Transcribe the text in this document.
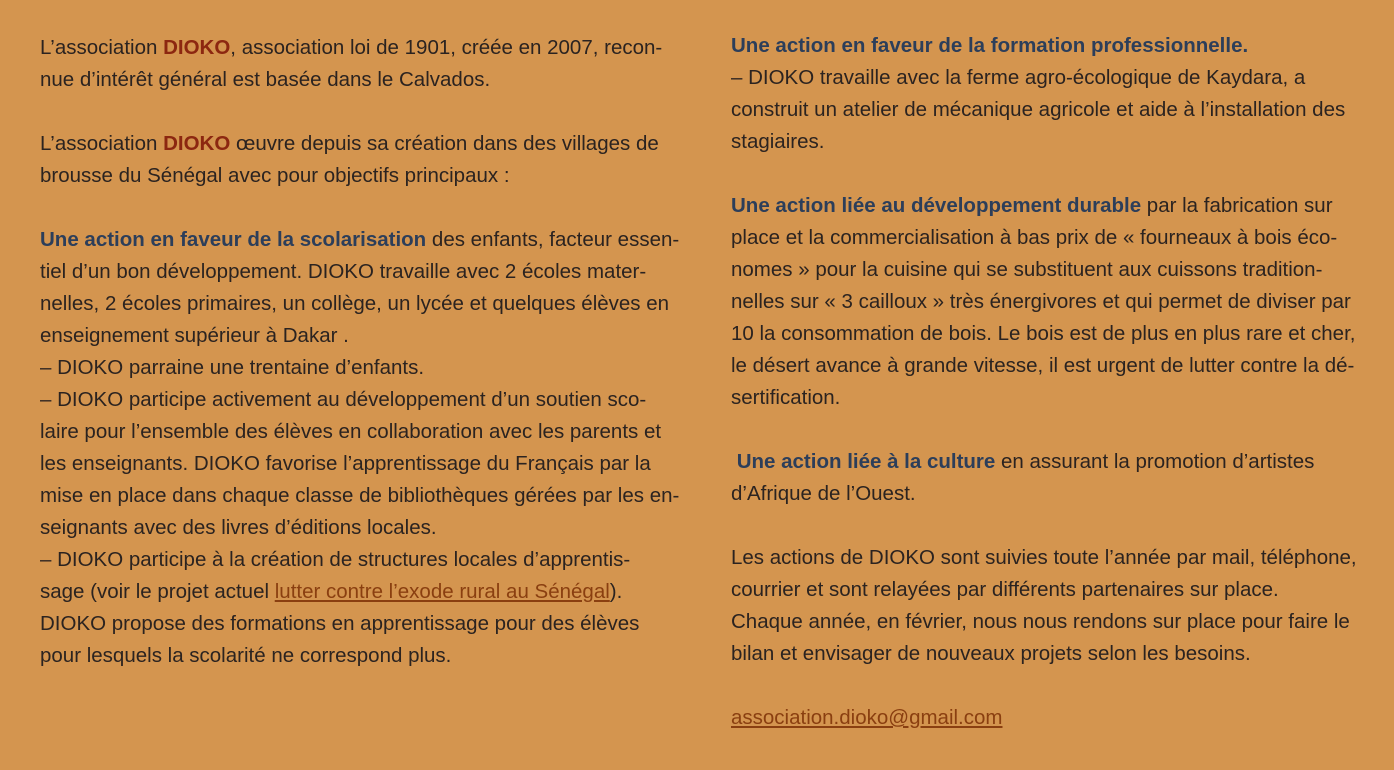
L’association DIOKO, association loi de 1901, créée en 2007, recon-
nue d’intérêt général est basée dans le Calvados.

L’association DIOKO œuvre depuis sa création dans des villages de
brousse du Sénégal avec pour objectifs principaux :

Une action en faveur de la scolarisation des enfants, facteur essen-
tiel d’un bon développement. DIOKO travaille avec 2 écoles mater-
nelles, 2 écoles primaires, un collège, un lycée et quelques élèves en
enseignement supérieur à Dakar .
– DIOKO parraine une trentaine d’enfants.
– DIOKO participe activement au développement d’un soutien sco-
laire pour l’ensemble des élèves en collaboration avec les parents et
les enseignants. DIOKO favorise l’apprentissage du Français par la
mise en place dans chaque classe de bibliothèques gérées par les en-
seignants avec des livres d’éditions locales.
– DIOKO participe à la création de structures locales d’apprentis-
sage (voir le projet actuel lutter contre l’exode rural au Sénégal).
DIOKO propose des formations en apprentissage pour des élèves
pour lesquels la scolarité ne correspond plus.

Une action en faveur de la formation professionnelle.
– DIOKO travaille avec la ferme agro-écologique de Kaydara, a
construit un atelier de mécanique agricole et aide à l’installation des
stagiaires.

Une action liée au développement durable par la fabrication sur
place et la commercialisation à bas prix de « fourneaux à bois éco-
nomes » pour la cuisine qui se substituent aux cuissons tradition-
nelles sur « 3 cailloux » très énergivores et qui permet de diviser par
10 la consommation de bois. Le bois est de plus en plus rare et cher,
le désert avance à grande vitesse, il est urgent de lutter contre la dé-
sertification.

Une action liée à la culture en assurant la promotion d’artistes
d’Afrique de l’Ouest.

Les actions de DIOKO sont suivies toute l’année par mail, téléphone,
courrier et sont relayées par différents partenaires sur place.
Chaque année, en février, nous nous rendons sur place pour faire le
bilan et envisager de nouveaux projets selon les besoins.

association.dioko@gmail.com
